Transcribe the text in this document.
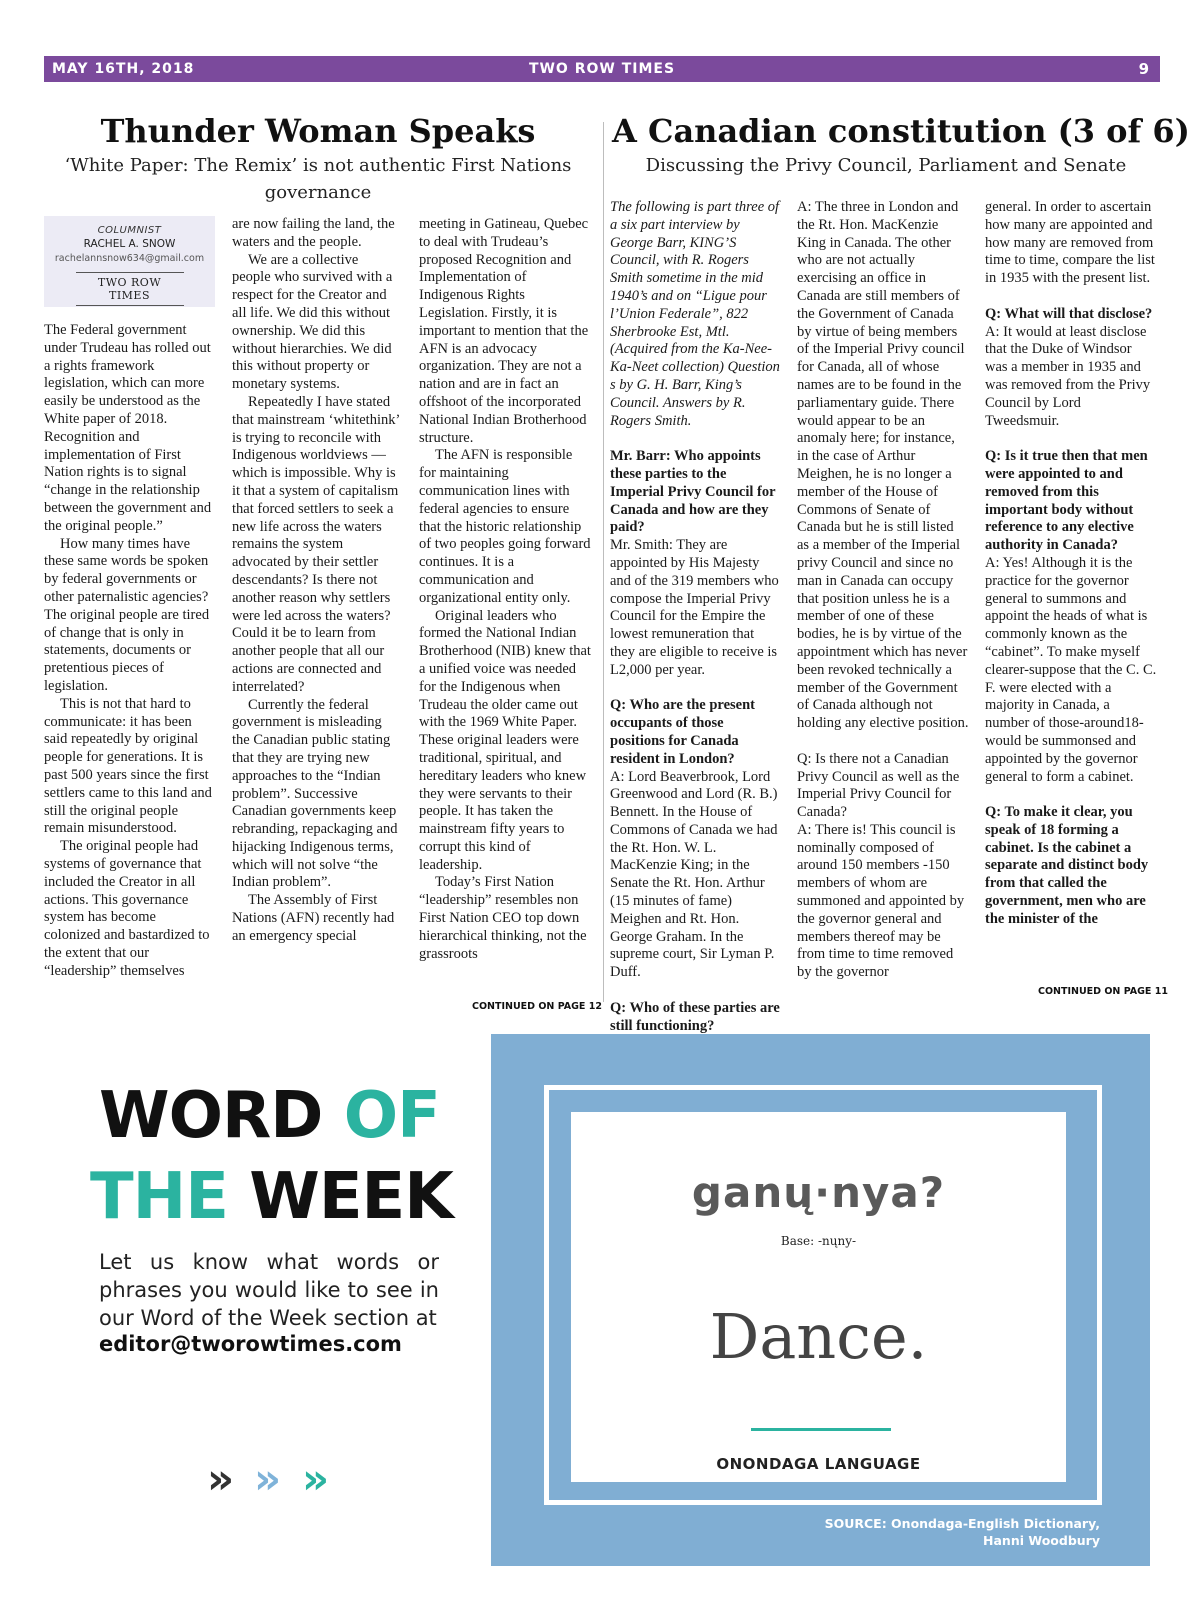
MAY 16TH, 2018	TWO ROW TIMES	9
Thunder Woman Speaks
‘White Paper: The Remix’ is not authentic First Nations governance
A Canadian constitution (3 of 6)
Discussing the Privy Council, Parliament and Senate
COLUMNIST
RACHEL A. SNOW
rachelannsnow634@gmail.com
TWO ROW TIMES

The Federal government under Trudeau has rolled out a rights framework legislation, which can more easily be understood as the White paper of 2018. Recognition and implementation of First Nation rights is to signal “change in the relationship between the government and the original people.”

How many times have these same words be spoken by federal governments or other paternalistic agencies? The original people are tired of change that is only in statements, documents or pretentious pieces of legislation.

This is not that hard to communicate: it has been said repeatedly by original people for generations. It is past 500 years since the first settlers came to this land and still the original people remain misunderstood.

The original people had systems of governance that included the Creator in all actions. This governance system has become colonized and bastardized to the extent that our “leadership” themselves

are now failing the land, the waters and the people.

We are a collective people who survived with a respect for the Creator and all life. We did this without ownership. We did this without hierarchies. We did this without property or monetary systems.

Repeatedly I have stated that mainstream ‘whitethink’ is trying to reconcile with Indigenous worldviews — which is impossible. Why is it that a system of capitalism that forced settlers to seek a new life across the waters remains the system advocated by their settler descendants? Is there not another reason why settlers were led across the waters? Could it be to learn from another people that all our actions are connected and interrelated?

Currently the federal government is misleading the Canadian public stating that they are trying new approaches to the “Indian problem”. Successive Canadian governments keep rebranding, repackaging and hijacking Indigenous terms, which will not solve “the Indian problem”.

The Assembly of First Nations (AFN) recently had an emergency special

meeting in Gatineau, Quebec to deal with Trudeau’s proposed Recognition and Implementation of Indigenous Rights Legislation. Firstly, it is important to mention that the AFN is an advocacy organization. They are not a nation and are in fact an offshoot of the incorporated National Indian Brotherhood structure.

The AFN is responsible for maintaining communication lines with federal agencies to ensure that the historic relationship of two peoples going forward continues. It is a communication and organizational entity only.

Original leaders who formed the National Indian Brotherhood (NIB) knew that a unified voice was needed for the Indigenous when Trudeau the older came out with the 1969 White Paper. These original leaders were traditional, spiritual, and hereditary leaders who knew they were servants to their people. It has taken the mainstream fifty years to corrupt this kind of leadership.

Today’s First Nation “leadership” resembles non First Nation CEO top down hierarchical thinking, not the grassroots

CONTINUED ON PAGE 12

The following is part three of a six part interview by George Barr, KING’S Council, with R. Rogers Smith sometime in the mid 1940’s and on “Ligue pour l’Union Federale”, 822 Sherbrooke Est, Mtl. (Acquired from the Ka-Nee-Ka-Neet collection) Question s by G. H. Barr, King’s Council. Answers by R. Rogers Smith.

Mr. Barr: Who appoints these parties to the Imperial Privy Council for Canada and how are they paid?

Mr. Smith: They are appointed by His Majesty and of the 319 members who compose the Imperial Privy Council for the Empire the lowest remuneration that they are eligible to receive is L2,000 per year.

Q: Who are the present occupants of those positions for Canada resident in London?

A: Lord Beaverbrook, Lord Greenwood and Lord (R. B.) Bennett. In the House of Commons of Canada we had the Rt. Hon. W. L. MacKenzie King; in the Senate the Rt. Hon. Arthur (15 minutes of fame) Meighen and Rt. Hon. George Graham. In the supreme court, Sir Lyman P. Duff.

Q: Who of these parties are still functioning?

A: The three in London and the Rt. Hon. MacKenzie King in Canada. The other who are not actually exercising an office in Canada are still members of the Government of Canada by virtue of being members of the Imperial Privy council for Canada, all of whose names are to be found in the parliamentary guide. There would appear to be an anomaly here; for instance, in the case of Arthur Meighen, he is no longer a member of the House of Commons of Senate of Canada but he is still listed as a member of the Imperial privy Council and since no man in Canada can occupy that position unless he is a member of one of these bodies, he is by virtue of the appointment which has never been revoked technically a member of the Government of Canada although not holding any elective position.

Q: Is there not a Canadian Privy Council as well as the Imperial Privy Council for Canada?

A: There is! This council is nominally composed of around 150 members -150 members of whom are summoned and appointed by the governor general and members thereof may be from time to time removed by the governor

general. In order to ascertain how many are appointed and how many are removed from time to time, compare the list in 1935 with the present list.

Q: What will that disclose?

A: It would at least disclose that the Duke of Windsor was a member in 1935 and was removed from the Privy Council by Lord Tweedsmuir.

Q: Is it true then that men were appointed to and removed from this important body without reference to any elective authority in Canada?

A: Yes! Although it is the practice for the governor general to summons and appoint the heads of what is commonly known as the “cabinet”. To make myself clearer-suppose that the C. C. F. were elected with a majority in Canada, a number of those-around18- would be summonsed and appointed by the governor general to form a cabinet.

Q: To make it clear, you speak of 18 forming a cabinet. Is the cabinet a separate and distinct body from that called the government, men who are the minister of the

CONTINUED ON PAGE 11
WORD OF
THE WEEK
Let us know what words or phrases you would like to see in our Word of the Week section at
editor@tworowtimes.com
» » »
ganų·nya?
Base: -nųny-
Dance.
ONONDAGA LANGUAGE
SOURCE: Onondaga-English Dictionary,
Hanni Woodbury
